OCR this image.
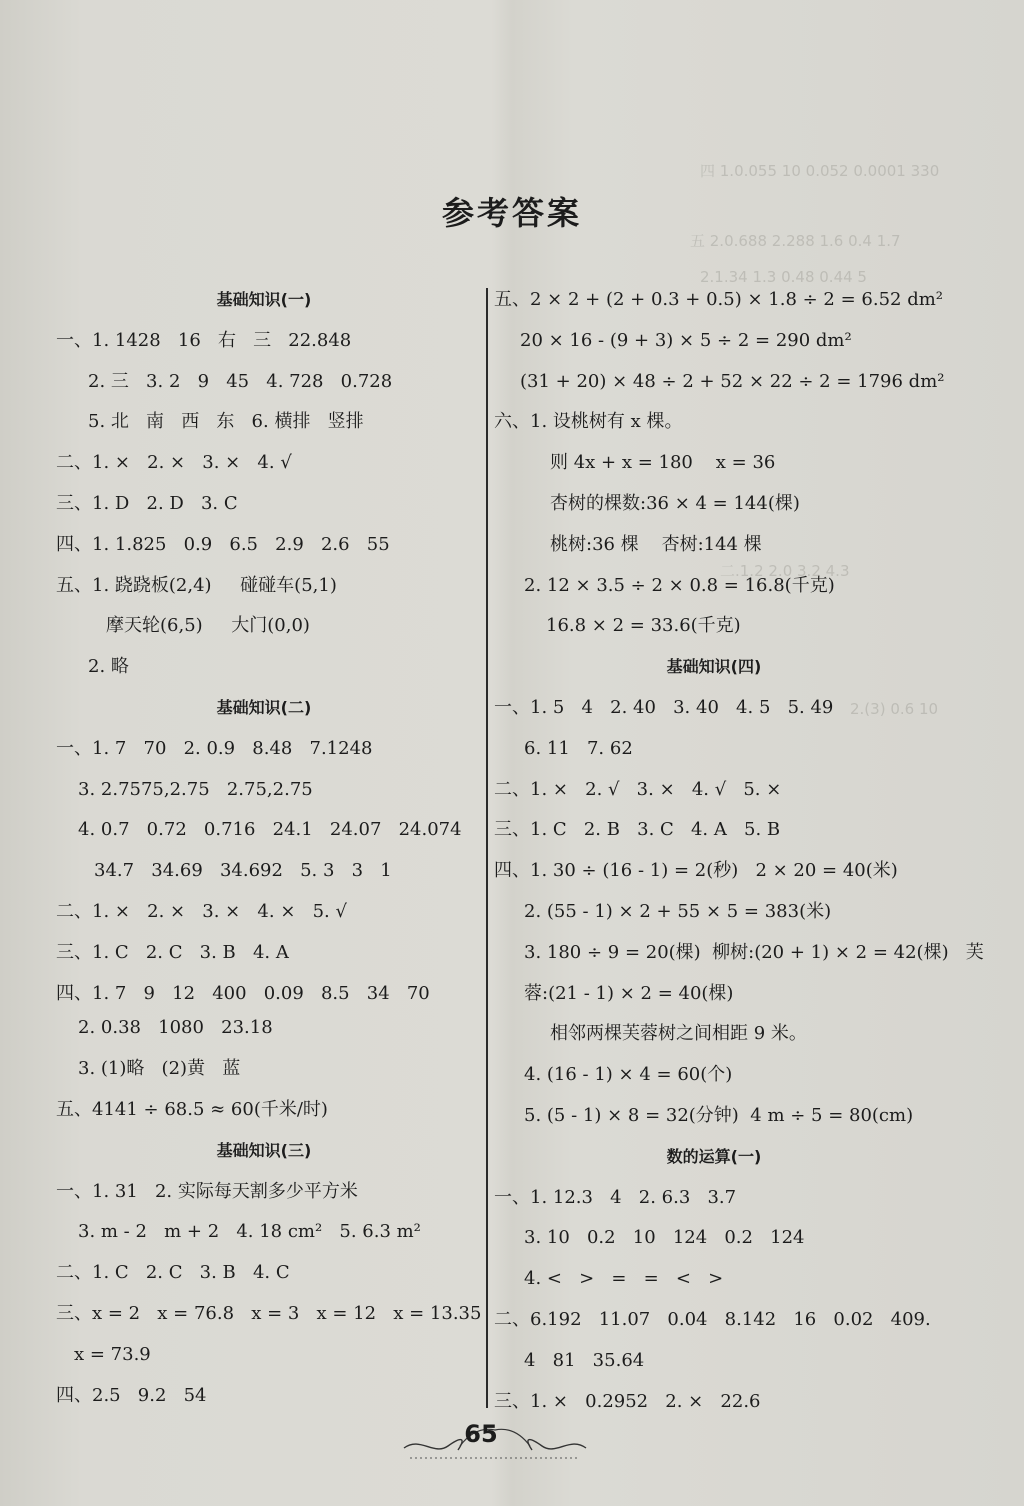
四 1.0.055 10 0.052 0.0001 330
五 2.0.688 2.288 1.6 0.4 1.7
2.1.34 1.3 0.48 0.44 5
二.1.2 2.0 3.2 4.3
2.(3) 0.6 10
参考答案
基础知识(一)
一、1. 1428   16   右   三   22.848
2. 三   3. 2   9   45   4. 728   0.728
5. 北   南   西   东   6. 横排   竖排
二、1. ×   2. ×   3. ×   4. √
三、1. D   2. D   3. C
四、1. 1.825   0.9   6.5   2.9   2.6   55
五、1. 跷跷板(2,4)     碰碰车(5,1)
摩天轮(6,5)     大门(0,0)
2. 略
基础知识(二)
一、1. 7   70   2. 0.9   8.48   7.1248
3. 2.7575,2.75   2.75,2.75
4. 0.7   0.72   0.716   24.1   24.07   24.074
34.7   34.69   34.692   5. 3   3   1
二、1. ×   2. ×   3. ×   4. ×   5. √
三、1. C   2. C   3. B   4. A
四、1. 7   9   12   400   0.09   8.5   34   70
2. 0.38   1080   23.18
3. (1)略   (2)黄   蓝
五、4141 ÷ 68.5 ≈ 60(千米/时)
基础知识(三)
一、1. 31   2. 实际每天割多少平方米
3. m - 2   m + 2   4. 18 cm²   5. 6.3 m²
二、1. C   2. C   3. B   4. C
三、x = 2   x = 76.8   x = 3   x = 12   x = 13.35
x = 73.9
四、2.5   9.2   54
五、2 × 2 + (2 + 0.3 + 0.5) × 1.8 ÷ 2 = 6.52 dm²
20 × 16 - (9 + 3) × 5 ÷ 2 = 290 dm²
(31 + 20) × 48 ÷ 2 + 52 × 22 ÷ 2 = 1796 dm²
六、1. 设桃树有 x 棵。
则 4x + x = 180    x = 36
杏树的棵数:36 × 4 = 144(棵)
桃树:36 棵    杏树:144 棵
2. 12 × 3.5 ÷ 2 × 0.8 = 16.8(千克)
16.8 × 2 = 33.6(千克)
基础知识(四)
一、1. 5   4   2. 40   3. 40   4. 5   5. 49
6. 11   7. 62
二、1. ×   2. √   3. ×   4. √   5. ×
三、1. C   2. B   3. C   4. A   5. B
四、1. 30 ÷ (16 - 1) = 2(秒)   2 × 20 = 40(米)
2. (55 - 1) × 2 + 55 × 5 = 383(米)
3. 180 ÷ 9 = 20(棵)  柳树:(20 + 1) × 2 = 42(棵)   芙
蓉:(21 - 1) × 2 = 40(棵)
相邻两棵芙蓉树之间相距 9 米。
4. (16 - 1) × 4 = 60(个)
5. (5 - 1) × 8 = 32(分钟)  4 m ÷ 5 = 80(cm)
数的运算(一)
一、1. 12.3   4   2. 6.3   3.7
3. 10   0.2   10   124   0.2   124
4. <   >   =   =   <   >
二、6.192   11.07   0.04   8.142   16   0.02   409.
4   81   35.64
三、1. ×   0.2952   2. ×   22.6
65
